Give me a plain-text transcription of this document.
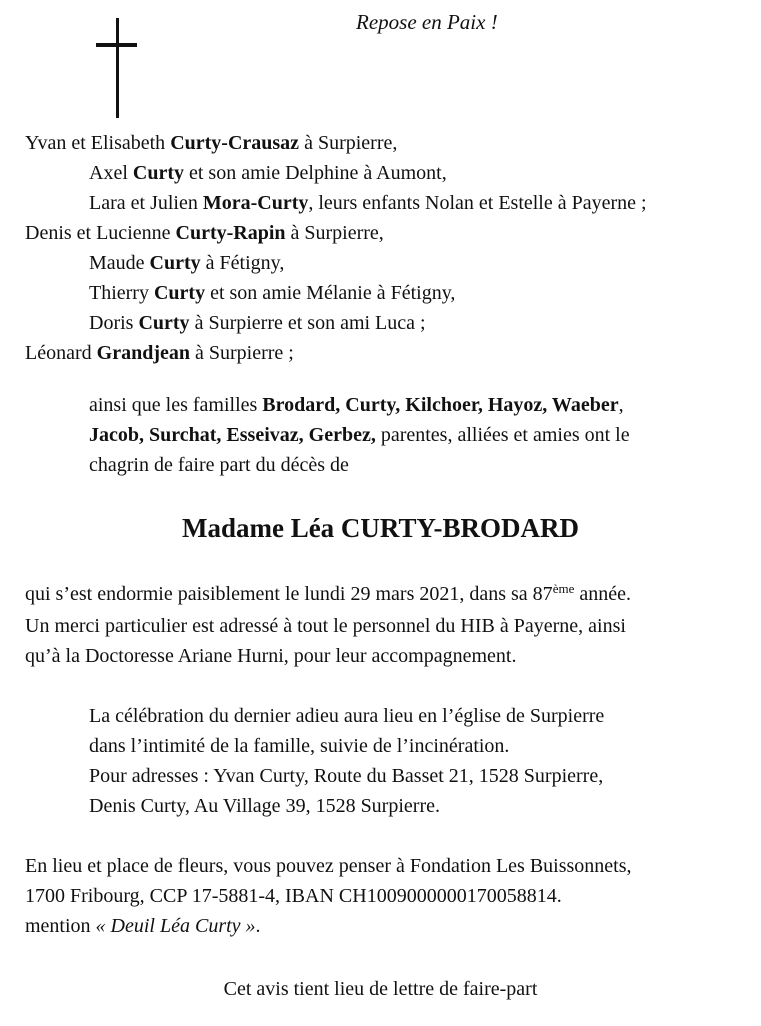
Repose en Paix !
Yvan et Elisabeth Curty-Crausaz à Surpierre,
Axel Curty et son amie Delphine à Aumont,
Lara et Julien Mora-Curty, leurs enfants Nolan et Estelle à Payerne ;
Denis et Lucienne Curty-Rapin à Surpierre,
Maude Curty à Fétigny,
Thierry Curty et son amie Mélanie à Fétigny,
Doris Curty à Surpierre et son ami Luca ;
Léonard Grandjean à Surpierre ;
ainsi que les familles Brodard, Curty, Kilchoer, Hayoz, Waeber,
Jacob, Surchat, Esseivaz, Gerbez, parentes, alliées et amies ont le
chagrin de faire part du décès de
Madame Léa CURTY-BRODARD
qui s’est endormie paisiblement le lundi 29 mars 2021, dans sa 87ème année.
Un merci particulier est adressé à tout le personnel du HIB à Payerne, ainsi
qu’à la Doctoresse Ariane Hurni, pour leur accompagnement.
La célébration du dernier adieu aura lieu en l’église de Surpierre
dans l’intimité de la famille, suivie de l’incinération.
Pour adresses : Yvan Curty, Route du Basset 21, 1528 Surpierre,
Denis Curty, Au Village 39, 1528 Surpierre.
En lieu et place de fleurs, vous pouvez penser à Fondation Les Buissonnets,
1700 Fribourg, CCP 17-5881-4, IBAN CH1009000000170058814.
mention « Deuil Léa Curty ».
Cet avis tient lieu de lettre de faire-part
